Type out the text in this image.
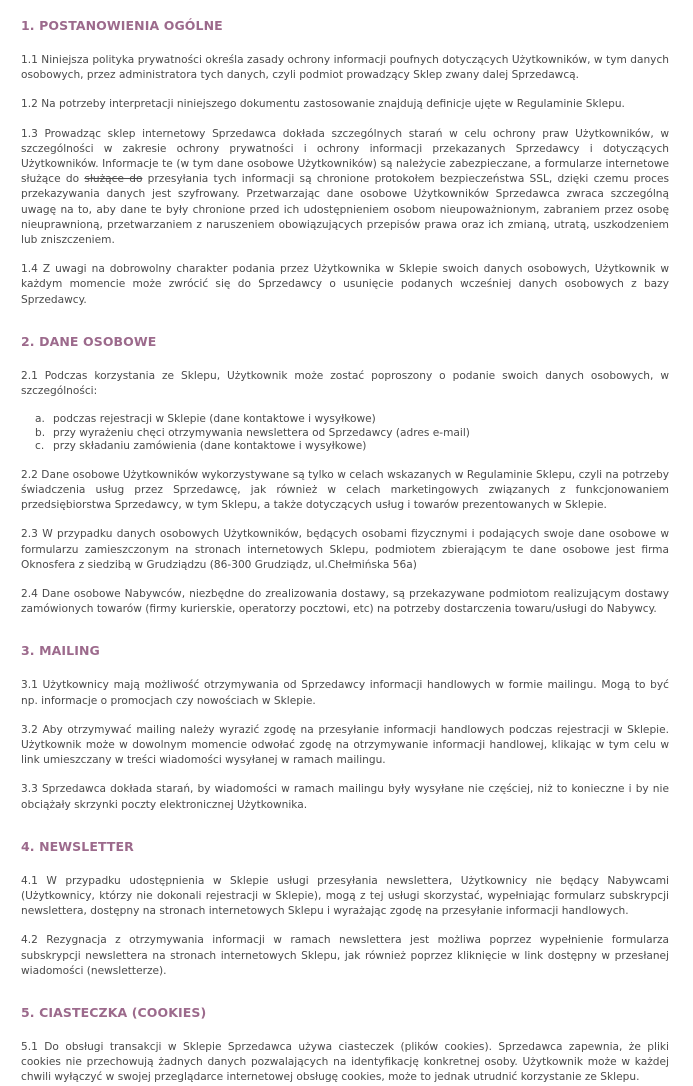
1. POSTANOWIENIA OGÓLNE

1.1 Niniejsza polityka prywatności określa zasady ochrony informacji poufnych dotyczących Użytkowników, w tym danych osobowych, przez administratora tych danych, czyli podmiot prowadzący Sklep zwany dalej Sprzedawcą.

1.2 Na potrzeby interpretacji niniejszego dokumentu zastosowanie znajdują definicje ujęte w Regulaminie Sklepu.

1.3 Prowadząc sklep internetowy Sprzedawca dokłada szczególnych starań w celu ochrony praw Użytkowników, w szczególności w zakresie ochrony prywatności i ochrony informacji przekazanych Sprzedawcy i dotyczących Użytkowników. Informacje te (w tym dane osobowe Użytkowników) są należycie zabezpieczane, a formularze internetowe służące do służące do przesyłania tych informacji są chronione protokołem bezpieczeństwa SSL, dzięki czemu proces przekazywania danych jest szyfrowany. Przetwarzając dane osobowe Użytkowników Sprzedawca zwraca szczególną uwagę na to, aby dane te były chronione przed ich udostępnieniem osobom nieupoważnionym, zabraniem przez osobę nieuprawnioną, przetwarzaniem z naruszeniem obowiązujących przepisów prawa oraz ich zmianą, utratą, uszkodzeniem lub zniszczeniem.

1.4 Z uwagi na dobrowolny charakter podania przez Użytkownika w Sklepie swoich danych osobowych, Użytkownik w każdym momencie może zwrócić się do Sprzedawcy o usunięcie podanych wcześniej danych osobowych z bazy Sprzedawcy.

2. DANE OSOBOWE

2.1 Podczas korzystania ze Sklepu, Użytkownik może zostać poproszony o podanie swoich danych osobowych, w szczególności:

a. podczas rejestracji w Sklepie (dane kontaktowe i wysyłkowe)
b. przy wyrażeniu chęci otrzymywania newslettera od Sprzedawcy (adres e-mail)
c. przy składaniu zamówienia (dane kontaktowe i wysyłkowe)

2.2 Dane osobowe Użytkowników wykorzystywane są tylko w celach wskazanych w Regulaminie Sklepu, czyli na potrzeby świadczenia usług przez Sprzedawcę, jak również w celach marketingowych związanych z funkcjonowaniem przedsiębiorstwa Sprzedawcy, w tym Sklepu, a także dotyczących usług i towarów prezentowanych w Sklepie.

2.3 W przypadku danych osobowych Użytkowników, będących osobami fizycznymi i podających swoje dane osobowe w formularzu zamieszczonym na stronach internetowych Sklepu, podmiotem zbierającym te dane osobowe jest firma Oknosfera z siedzibą w Grudziądzu (86-300 Grudziądz, ul.Chełmińska 56a)

2.4 Dane osobowe Nabywców, niezbędne do zrealizowania dostawy, są przekazywane podmiotom realizującym dostawy zamówionych towarów (firmy kurierskie, operatorzy pocztowi, etc) na potrzeby dostarczenia towaru/usługi do Nabywcy.

3. MAILING

3.1 Użytkownicy mają możliwość otrzymywania od Sprzedawcy informacji handlowych w formie mailingu. Mogą to być np. informacje o promocjach czy nowościach w Sklepie.

3.2 Aby otrzymywać mailing należy wyrazić zgodę na przesyłanie informacji handlowych podczas rejestracji w Sklepie. Użytkownik może w dowolnym momencie odwołać zgodę na otrzymywanie informacji handlowej, klikając w tym celu w link umieszczany w treści wiadomości wysyłanej w ramach mailingu.

3.3 Sprzedawca dokłada starań, by wiadomości w ramach mailingu były wysyłane nie częściej, niż to konieczne i by nie obciążały skrzynki poczty elektronicznej Użytkownika.

4. NEWSLETTER

4.1 W przypadku udostępnienia w Sklepie usługi przesyłania newslettera, Użytkownicy nie będący Nabywcami (Użytkownicy, którzy nie dokonali rejestracji w Sklepie), mogą z tej usługi skorzystać, wypełniając formularz subskrypcji newslettera, dostępny na stronach internetowych Sklepu i wyrażając zgodę na przesyłanie informacji handlowych.

4.2 Rezygnacja z otrzymywania informacji w ramach newslettera jest możliwa poprzez wypełnienie formularza subskrypcji newslettera na stronach internetowych Sklepu, jak również poprzez kliknięcie w link dostępny w przesłanej wiadomości (newsletterze).

5. CIASTECZKA (COOKIES)

5.1 Do obsługi transakcji w Sklepie Sprzedawca używa ciasteczek (plików cookies). Sprzedawca zapewnia, że pliki cookies nie przechowują żadnych danych pozwalających na identyfikację konkretnej osoby. Użytkownik może w każdej chwili wyłączyć w swojej przeglądarce internetowej obsługę cookies, może to jednak utrudnić korzystanie ze Sklepu.
